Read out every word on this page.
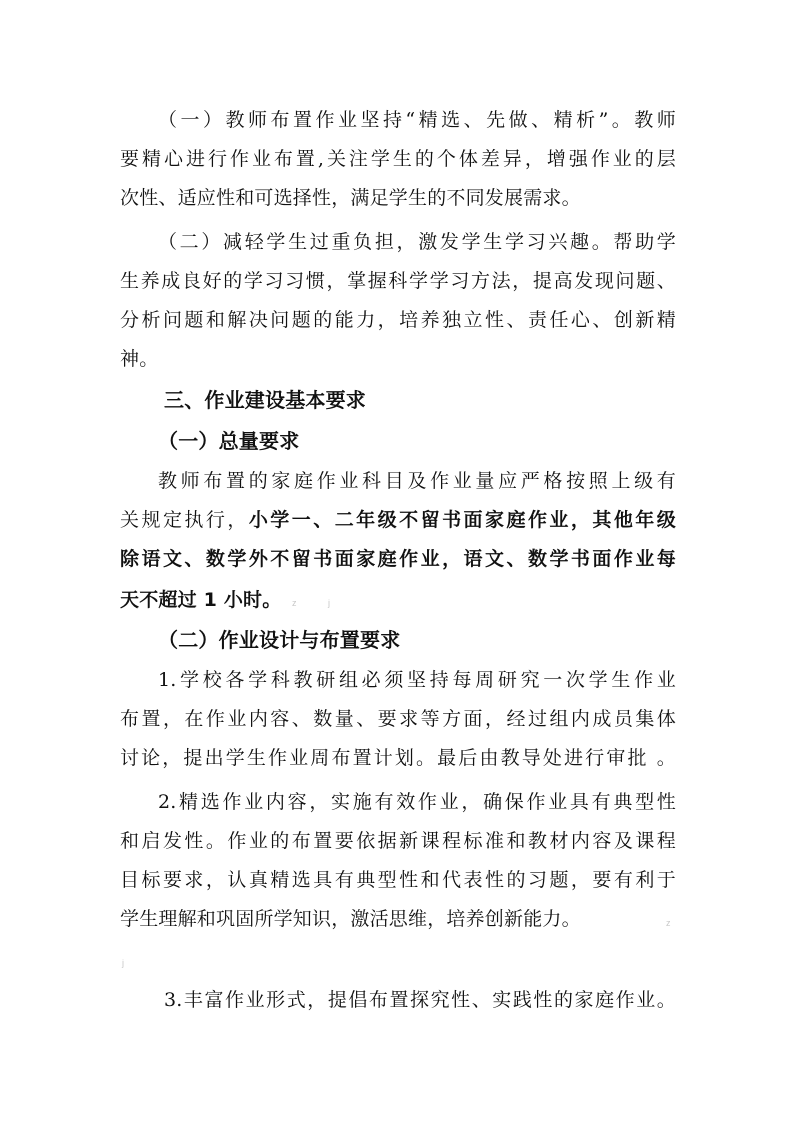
（一）教师布置作业坚持“精选、先做、精析”。教师
要精心进行作业布置,关注学生的个体差异，增强作业的层
次性、适应性和可选择性，满足学生的不同发展需求。
（二）减轻学生过重负担，激发学生学习兴趣。帮助学
生养成良好的学习习惯，掌握科学学习方法，提高发现问题、
分析问题和解决问题的能力，培养独立性、责任心、创新精
神。
三、作业建设基本要求
（一）总量要求
教师布置的家庭作业科目及作业量应严格按照上级有
关规定执行，小学一、二年级不留书面家庭作业，其他年级
除语文、数学外不留书面家庭作业，语文、数学书面作业每
天不超过 1 小时。	z	j
（二）作业设计与布置要求
1.学校各学科教研组必须坚持每周研究一次学生作业
布置，在作业内容、数量、要求等方面，经过组内成员集体
讨论，提出学生作业周布置计划。最后由教导处进行审批 。
2.精选作业内容，实施有效作业，确保作业具有典型性
和启发性。作业的布置要依据新课程标准和教材内容及课程
目标要求，认真精选具有典型性和代表性的习题，要有利于
学生理解和巩固所学知识，激活思维，培养创新能力。	z
j
3.丰富作业形式，提倡布置探究性、实践性的家庭作业。
